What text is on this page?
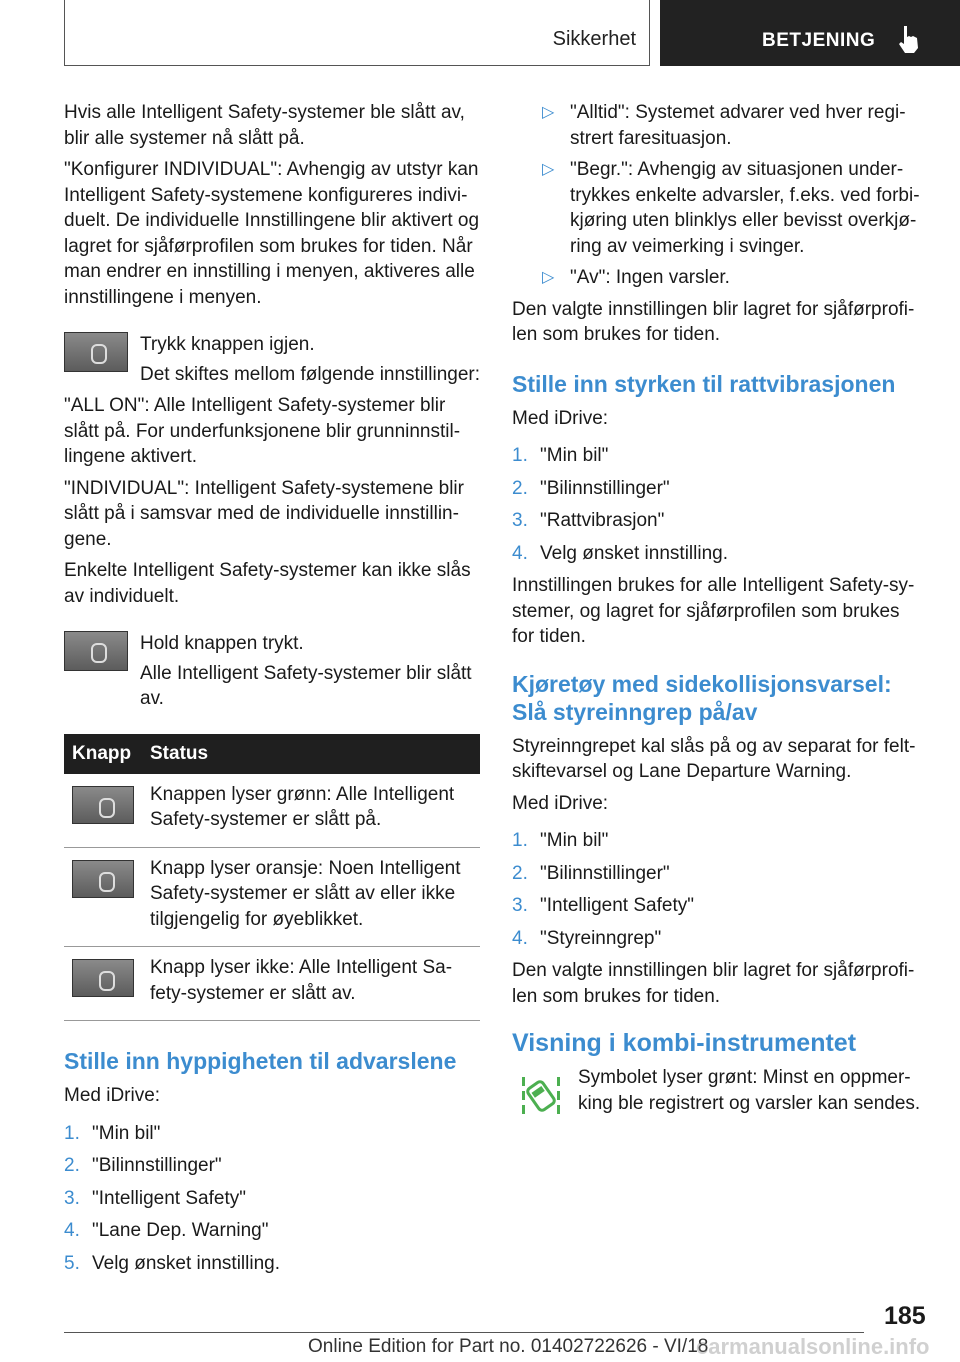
Sikkerhet	BETJENING

Hvis alle Intelligent Safety-systemer ble slått av, blir alle systemer nå slått på.

"Konfigurer INDIVIDUAL": Avhengig av utstyr kan Intelligent Safety-systemene konfigureres individuelt. De individuelle Innstillingene blir aktivert og lagret for sjåførprofilen som brukes for tiden. Når man endrer en innstilling i menyen, aktiveres alle innstillingene i menyen.

Trykk knappen igjen.

Det skiftes mellom følgende innstillinger:

"ALL ON": Alle Intelligent Safety-systemer blir slått på. For underfunksjonene blir grunninnstillingene aktivert.

"INDIVIDUAL": Intelligent Safety-systemene blir slått på i samsvar med de individuelle innstillingene.

Enkelte Intelligent Safety-systemer kan ikke slås av individuelt.

Hold knappen trykt.

Alle Intelligent Safety-systemer blir slått av.

Knapp	Status
	Knappen lyser grønn: Alle Intelligent Safety-systemer er slått på.
	Knapp lyser oransje: Noen Intelligent Safety-systemer er slått av eller ikke tilgjengelig for øyeblikket.
	Knapp lyser ikke: Alle Intelligent Safety-systemer er slått av.
Stille inn hyppigheten til advarslene

Med iDrive:

1. "Min bil"
2. "Bilinnstillinger"
3. "Intelligent Safety"
4. "Lane Dep. Warning"
5. Velg ønsket innstilling.
▷ "Alltid": Systemet advarer ved hver registrert faresituasjon.
▷ "Begr.": Avhengig av situasjonen undertrykkes enkelte advarsler, f.eks. ved forbikjøring uten blinklys eller bevisst overkjøring av veimerking i svinger.
▷ "Av": Ingen varsler.

Den valgte innstillingen blir lagret for sjåførprofilen som brukes for tiden.

Stille inn styrken til rattvibrasjonen

Med iDrive:

1. "Min bil"
2. "Bilinnstillinger"
3. "Rattvibrasjon"
4. Velg ønsket innstilling.

Innstillingen brukes for alle Intelligent Safety-systemer, og lagret for sjåførprofilen som brukes for tiden.

Kjøretøy med sidekollisjonsvarsel: Slå styreinngrep på/av

Styreinngrepet kal slås på og av separat for feltskiftevarsel og Lane Departure Warning.

Med iDrive:

1. "Min bil"
2. "Bilinnstillinger"
3. "Intelligent Safety"
4. "Styreinngrep"

Den valgte innstillingen blir lagret for sjåførprofilen som brukes for tiden.

Visning i kombi-instrumentet

Symbolet lyser grønt: Minst en oppmerking ble registrert og varsler kan sendes.

185
Online Edition for Part no. 01402722626 - VI/18
carmanualsonline.info
